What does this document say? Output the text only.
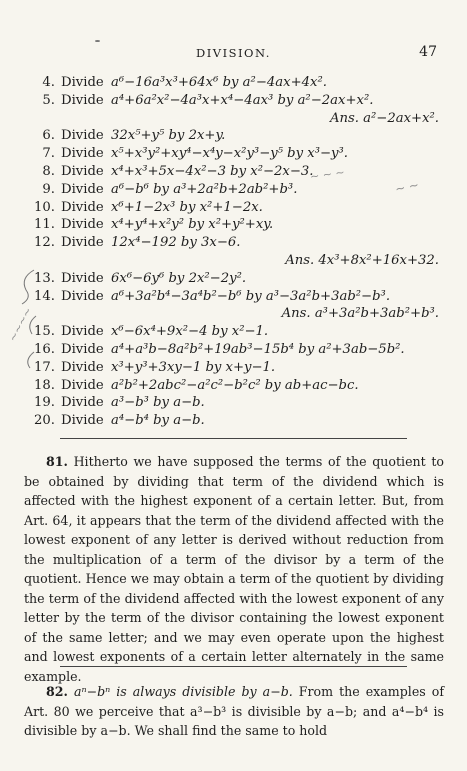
DIVISION.	47
4. Divide a⁶−16a³x³+64x⁶ by a²−4ax+4x².
5. Divide a⁴+6a²x²−4a³x+x⁴−4ax³ by a²−2ax+x².
Ans. a²−2ax+x².
6. Divide 32x⁵+y⁵ by 2x+y.
7. Divide x⁵+x³y²+xy⁴−x⁴y−x²y³−y⁵ by x³−y³.
8. Divide x⁴+x³+5x−4x²−3 by x²−2x−3.
9. Divide a⁶−b⁶ by a³+2a²b+2ab²+b³.
10. Divide x⁶+1−2x³ by x²+1−2x.
11. Divide x⁴+y⁴+x²y² by x²+y²+xy.
12. Divide 12x⁴−192 by 3x−6.
Ans. 4x³+8x²+16x+32.
13. Divide 6x⁶−6y⁶ by 2x²−2y².
14. Divide a⁶+3a²b⁴−3a⁴b²−b⁶ by a³−3a²b+3ab²−b³.
Ans. a³+3a²b+3ab²+b³.
15. Divide x⁶−6x⁴+9x²−4 by x²−1.
16. Divide a⁴+a³b−8a²b²+19ab³−15b⁴ by a²+3ab−5b².
17. Divide x³+y³+3xy−1 by x+y−1.
18. Divide a²b²+2abc²−a²c²−b²c² by ab+ac−bc.
19. Divide a³−b³ by a−b.
20. Divide a⁴−b⁴ by a−b.
~ ~ ~
~ ~
~~~~

81. Hitherto we have supposed the terms of the quotient to be obtained by dividing that term of the dividend which is affected with the highest exponent of a certain letter. But, from Art. 64, it appears that the term of the dividend affected with the lowest exponent of any letter is derived without reduction from the multiplication of a term of the divisor by a term of the quotient. Hence we may obtain a term of the quotient by dividing the term of the dividend affected with the lowest exponent of any letter by the term of the divisor containing the lowest exponent of the same letter; and we may even operate upon the highest and lowest exponents of a certain letter alternately in the same example.

82. aⁿ−bⁿ is always divisible by a−b. From the examples of Art. 80 we perceive that a³−b³ is divisible by a−b; and a⁴−b⁴ is divisible by a−b. We shall find the same to hold
